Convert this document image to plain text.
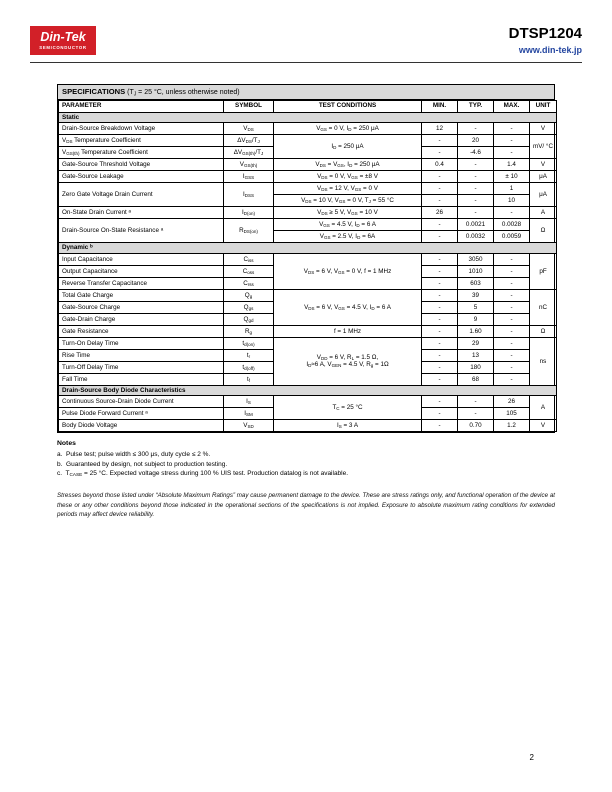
Din-Tek
SEMICONDUCTOR
DTSP1204
www.din-tek.jp
SPECIFICATIONS ($T_J = 25$ °C, unless otherwise noted)
PARAMETER	SYMBOL	TEST CONDITIONS	MIN.	TYP.	MAX.	UNIT
Static						
Drain-Source Breakdown Voltage	$V_{DS}$	$V_{GS} = 0$ V, $I_D = 250$ μA	12	-	-	V
$V_{DS}$ Temperature Coefficient	$\Delta V_{DS}/T_J$	$I_D = 250$ μA	-	20	-	mV/ °C
$V_{GS(th)}$ Temperature Coefficient	$\Delta V_{GS(th)}/T_J$		-	-4.6	-	
Gate-Source Threshold Voltage	$V_{GS(th)}$	$V_{DS} = V_{GS}$, $I_D = 250$ μA	0.4	-	1.4	V
Gate-Source Leakage	$I_{GSS}$	$V_{DS} = 0$ V, $V_{GS} = \pm 8$ V	-	-	± 10	μA
Zero Gate Voltage Drain Current	$I_{DSS}$	$V_{DS} = 12$ V, $V_{GS} = 0$ V	-	-	1	μA
		$V_{DS} = 10$ V, $V_{GS} = 0$ V, $T_J = 55$ °C	-	-	10	
On-State Drain Current $^a$	$I_{D(on)}$	$V_{DS} \ge 5$ V, $V_{GS} = 10$ V	26	-	-	A
Drain-Source On-State Resistance $^a$	$R_{DS(on)}$	$V_{GS} = 4.5$ V, $I_D = 6$ A	-	0.0021	0.0028	Ω
		$V_{GS} = 2.5$ V, $I_D = 6A$	-	0.0032	0.0059	
Dynamic $^b$
Input Capacitance	$C_{iss}$	$V_{DS} = 6$ V, $V_{GS} = 0$ V, f = 1 MHz	-	3050	-	pF
Output Capacitance	$C_{oss}$		-	1010	-	
Reverse Transfer Capacitance	$C_{rss}$		-	603	-	
Total Gate Charge	$Q_g$	$V_{DS} = 6$ V, $V_{GS} = 4.5$ V, $I_D = 6$ A	-	39	-	nC
Gate-Source Charge	$Q_{gs}$		-	5	-	
Gate-Drain Charge	$Q_{gd}$		-	9	-	
Gate Resistance	$R_g$	f = 1 MHz	-	1.60	-	Ω
Turn-On Delay Time	$t_{d(on)}$	$V_{DD} = 6$ V, $R_L = 1.5$ Ω,
$I_D\approx 6$ A, $V_{GEN} = 4.5$ V, $R_g = 1\Omega$	-	29	-	ns
Rise Time	$t_r$		-	13	-	
Turn-Off Delay Time	$t_{d(off)}$		-	180	-	
Fall Time	$t_f$		-	68	-	
Drain-Source Body Diode Characteristics						
Continuous Source-Drain Diode Current	$I_S$	$T_C = 25$ °C	-	-	26	A
Pulse Diode Forward Current $^a$	$I_{SM}$		-	-	105	
Body Diode Voltage	$V_{SD}$	$I_S = 3$ A	-	0.70	1.2	V
Notes
a.  Pulse test; pulse width ≤ 300 μs, duty cycle ≤ 2 %.
b.  Guaranteed by design, not subject to production testing.
c.  $T_{CASE} = 25$ °C. Expected voltage stress during 100 % UIS test. Production datalog is not available.
Stresses beyond those listed under “Absolute Maximum Ratings” may cause permanent damage to the device. These are stress ratings only, and functional operation of the device at these or any other conditions beyond those indicated in the operational sections of the specifications is not implied. Exposure to absolute maximum rating conditions for extended periods may affect device reliability.
2
